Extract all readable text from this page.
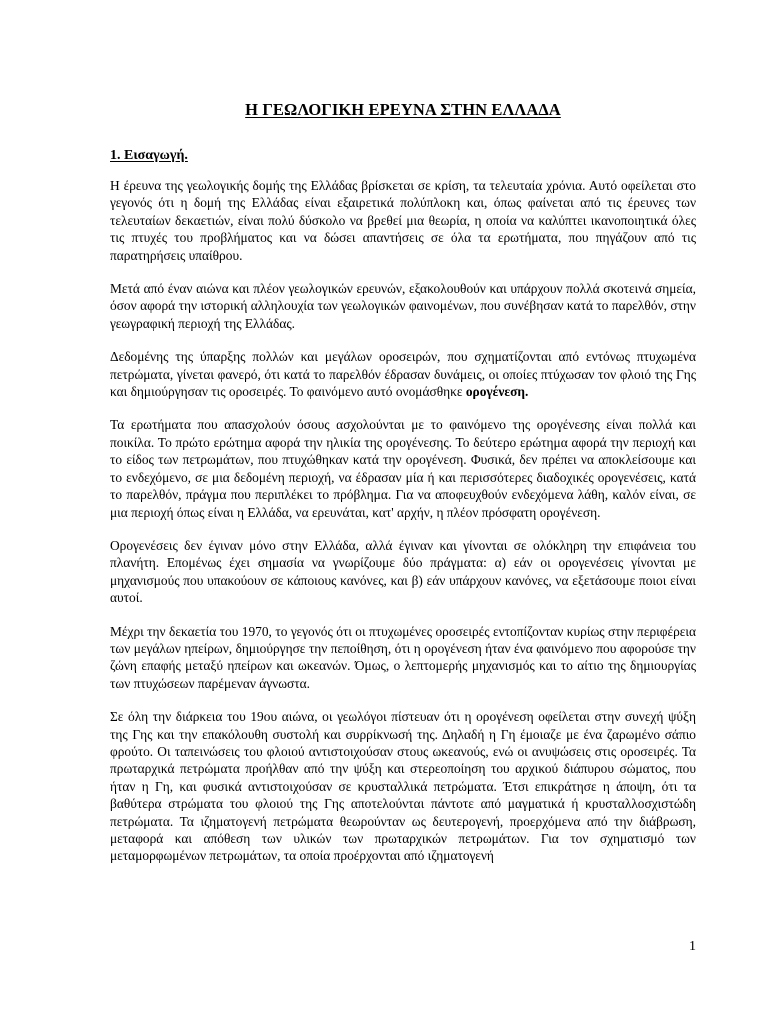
Η ΓΕΩΛΟΓΙΚΗ ΕΡΕΥΝΑ ΣΤΗΝ ΕΛΛΑΔΑ
1. Εισαγωγή.

Η έρευνα της γεωλογικής δομής της Ελλάδας βρίσκεται σε κρίση, τα τελευταία χρόνια. Αυτό οφείλεται στο γεγονός ότι η δομή της Ελλάδας είναι εξαιρετικά πολύπλοκη και, όπως φαίνεται από τις έρευνες των τελευταίων δεκαετιών, είναι πολύ δύσκολο να βρεθεί μια θεωρία, η οποία να καλύπτει ικανοποιητικά όλες τις πτυχές του προβλήματος και να δώσει απαντήσεις σε όλα τα ερωτήματα, που πηγάζουν από τις παρατηρήσεις υπαίθρου.

Μετά από έναν αιώνα και πλέον γεωλογικών ερευνών, εξακολουθούν και υπάρχουν πολλά σκοτεινά σημεία, όσον αφορά την ιστορική αλληλουχία των γεωλογικών φαινομένων, που συνέβησαν κατά το παρελθόν, στην γεωγραφική περιοχή της Ελλάδας.

Δεδομένης της ύπαρξης πολλών και μεγάλων οροσειρών, που σχηματίζονται από εντόνως πτυχωμένα πετρώματα, γίνεται φανερό, ότι κατά το παρελθόν έδρασαν δυνάμεις, οι οποίες πτύχωσαν τον φλοιό της Γης και δημιούργησαν τις οροσειρές. Το φαινόμενο αυτό ονομάσθηκε ορογένεση.

Τα ερωτήματα που απασχολούν όσους ασχολούνται με το φαινόμενο της ορογένεσης είναι πολλά και ποικίλα. Το πρώτο ερώτημα αφορά την ηλικία της ορογένεσης. Το δεύτερο ερώτημα αφορά την περιοχή και το είδος των πετρωμάτων, που πτυχώθηκαν κατά την ορογένεση. Φυσικά, δεν πρέπει να αποκλείσουμε και το ενδεχόμενο, σε μια δεδομένη περιοχή, να έδρασαν μία ή και περισσότερες διαδοχικές ορογενέσεις, κατά το παρελθόν, πράγμα που περιπλέκει το πρόβλημα. Για να αποφευχθούν ενδεχόμενα λάθη, καλόν είναι, σε μια περιοχή όπως είναι η Ελλάδα, να ερευνάται, κατ' αρχήν, η πλέον πρόσφατη ορογένεση.

Ορογενέσεις δεν έγιναν μόνο στην Ελλάδα, αλλά έγιναν και γίνονται σε ολόκληρη την επιφάνεια του πλανήτη. Επομένως έχει σημασία να γνωρίζουμε δύο πράγματα: α) εάν οι ορογενέσεις γίνονται με μηχανισμούς που υπακούουν σε κάποιους κανόνες, και β) εάν υπάρχουν κανόνες, να εξετάσουμε ποιοι είναι αυτοί.

Μέχρι την δεκαετία του 1970, το γεγονός ότι οι πτυχωμένες οροσειρές εντοπίζονταν κυρίως στην περιφέρεια των μεγάλων ηπείρων, δημιούργησε την πεποίθηση, ότι η ορογένεση ήταν ένα φαινόμενο που αφορούσε την ζώνη επαφής μεταξύ ηπείρων και ωκεανών. Όμως, ο λεπτομερής μηχανισμός και το αίτιο της δημιουργίας των πτυχώσεων παρέμεναν άγνωστα.

Σε όλη την διάρκεια του 19ου αιώνα, οι γεωλόγοι πίστευαν ότι η ορογένεση οφείλεται στην συνεχή ψύξη της Γης και την επακόλουθη συστολή και συρρίκνωσή της. Δηλαδή η Γη έμοιαζε με ένα ζαρωμένο σάπιο φρούτο. Οι ταπεινώσεις του φλοιού αντιστοιχούσαν στους ωκεανούς, ενώ οι ανυψώσεις στις οροσειρές. Τα πρωταρχικά πετρώματα προήλθαν από την ψύξη και στερεοποίηση του αρχικού διάπυρου σώματος, που ήταν η Γη, και φυσικά αντιστοιχούσαν σε κρυσταλλικά πετρώματα. Έτσι επικράτησε η άποψη, ότι τα βαθύτερα στρώματα του φλοιού της Γης αποτελούνται πάντοτε από μαγματικά ή κρυσταλλοσχιστώδη πετρώματα. Τα ιζηματογενή πετρώματα θεωρούνταν ως δευτερογενή, προερχόμενα από την διάβρωση, μεταφορά και απόθεση των υλικών των πρωταρχικών πετρωμάτων. Για τον σχηματισμό των μεταμορφωμένων πετρωμάτων, τα οποία προέρχονται από ιζηματογενή

1
